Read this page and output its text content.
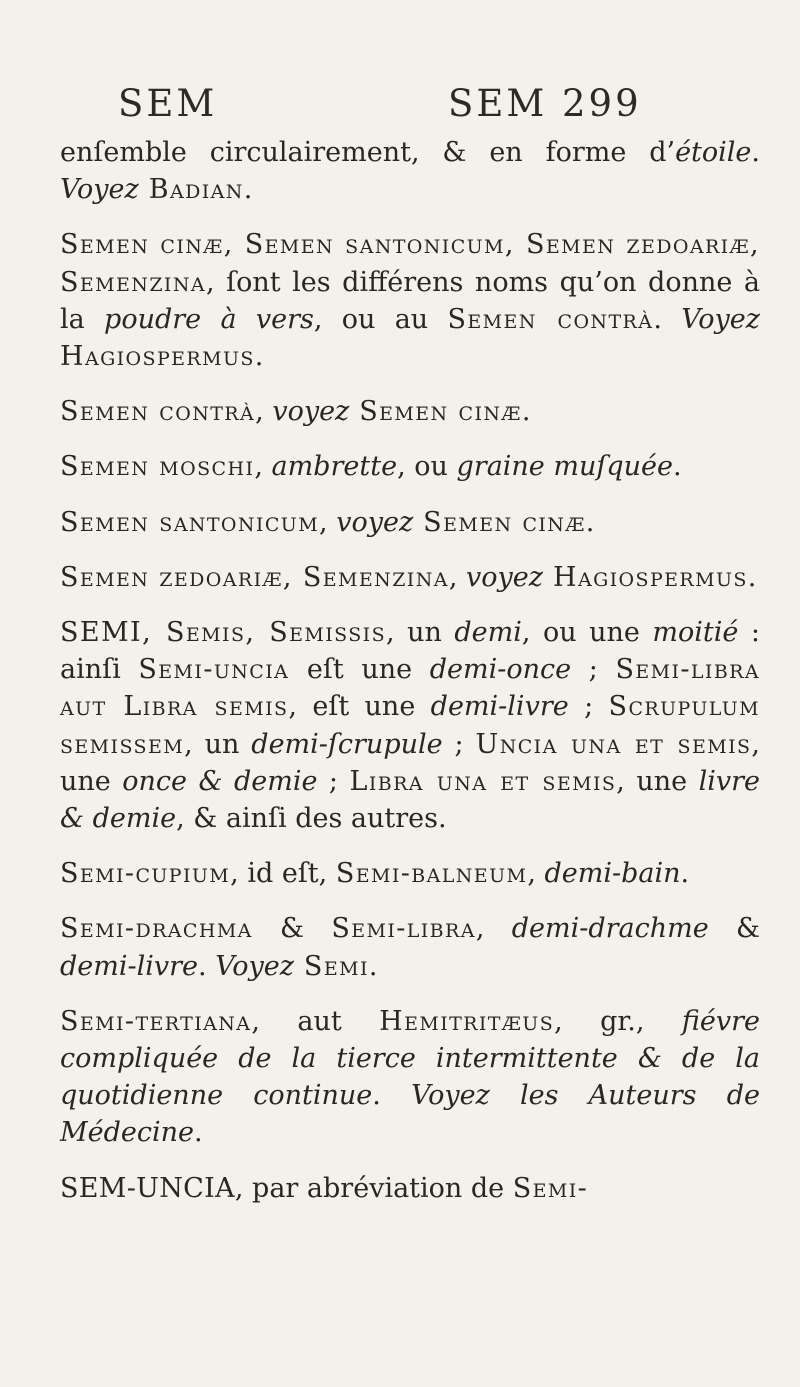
SEM	SEM 299

enſemble circulairement, & en forme d’étoile. Voyez Badian.

Semen cinæ, Semen santonicum, Semen zedoariæ, Semenzina, ſont les différens noms qu’on donne à la poudre à vers, ou au Semen contrà. Voyez Hagiospermus.

Semen contrà, voyez Semen cinæ.

Semen moschi, ambrette, ou graine muſquée.

Semen santonicum, voyez Semen cinæ.

Semen zedoariæ, Semenzina, voyez Hagiospermus.

SEMI, Semis, Semissis, un demi, ou une moitié : ainſi Semi-uncia eſt une demi-once ; Semi-libra aut Libra semis, eſt une demi-livre ; Scrupulum semissem, un demi-ſcrupule ; Uncia una et semis, une once & demie ; Libra una et semis, une livre & demie, & ainſi des autres.

Semi-cupium, id eſt, Semi-balneum, demi-bain.

Semi-drachma & Semi-libra, demi-drachme & demi-livre. Voyez Semi.

Semi-tertiana, aut Hemitritæus, gr., fiévre compliquée de la tierce intermittente & de la quotidienne continue. Voyez les Auteurs de Médecine.

SEM-UNCIA, par abréviation de Semi-
